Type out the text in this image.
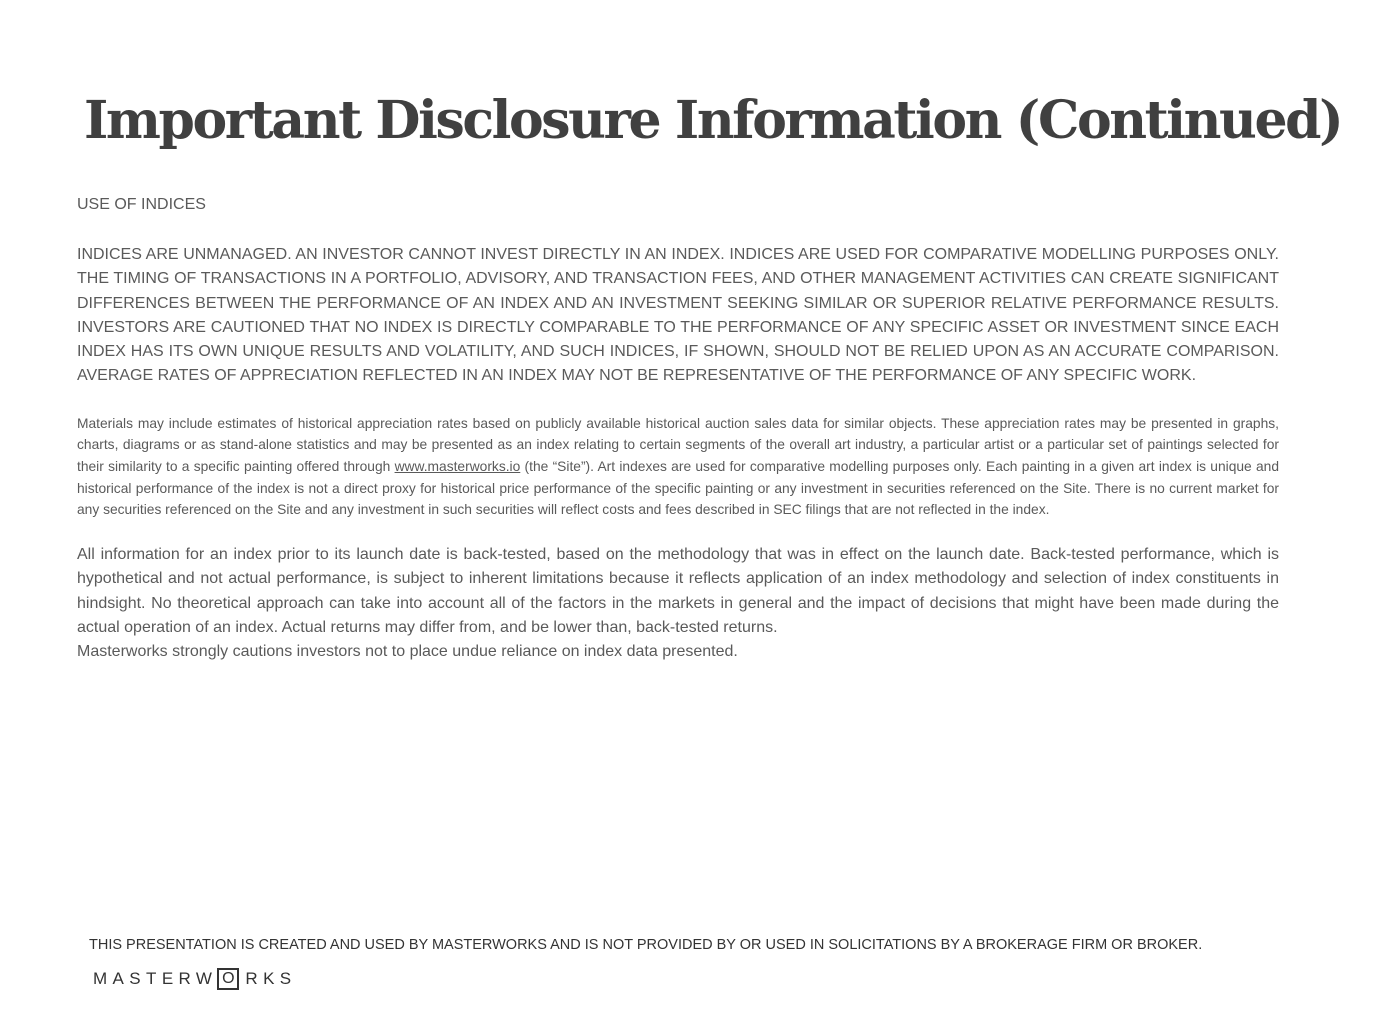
Important Disclosure Information (Continued)
USE OF INDICES

INDICES ARE UNMANAGED. AN INVESTOR CANNOT INVEST DIRECTLY IN AN INDEX. INDICES ARE USED FOR COMPARATIVE MODELLING PURPOSES ONLY. THE TIMING OF TRANSACTIONS IN A PORTFOLIO, ADVISORY, AND TRANSACTION FEES, AND OTHER MANAGEMENT ACTIVITIES CAN CREATE SIGNIFICANT DIFFERENCES BETWEEN THE PERFORMANCE OF AN INDEX AND AN INVESTMENT SEEKING SIMILAR OR SUPERIOR RELATIVE PERFORMANCE RESULTS. INVESTORS ARE CAUTIONED THAT NO INDEX IS DIRECTLY COMPARABLE TO THE PERFORMANCE OF ANY SPECIFIC ASSET OR INVESTMENT SINCE EACH INDEX HAS ITS OWN UNIQUE RESULTS AND VOLATILITY, AND SUCH INDICES, IF SHOWN, SHOULD NOT BE RELIED UPON AS AN ACCURATE COMPARISON. AVERAGE RATES OF APPRECIATION REFLECTED IN AN INDEX MAY NOT BE REPRESENTATIVE OF THE PERFORMANCE OF ANY SPECIFIC WORK.

Materials may include estimates of historical appreciation rates based on publicly available historical auction sales data for similar objects. These appreciation rates may be presented in graphs, charts, diagrams or as stand-alone statistics and may be presented as an index relating to certain segments of the overall art industry, a particular artist or a particular set of paintings selected for their similarity to a specific painting offered through www.masterworks.io (the “Site”). Art indexes are used for comparative modelling purposes only. Each painting in a given art index is unique and historical performance of the index is not a direct proxy for historical price performance of the specific painting or any investment in securities referenced on the Site. There is no current market for any securities referenced on the Site and any investment in such securities will reflect costs and fees described in SEC filings that are not reflected in the index.

All information for an index prior to its launch date is back-tested, based on the methodology that was in effect on the launch date. Back-tested performance, which is hypothetical and not actual performance, is subject to inherent limitations because it reflects application of an index methodology and selection of index constituents in hindsight. No theoretical approach can take into account all of the factors in the markets in general and the impact of decisions that might have been made during the actual operation of an index. Actual returns may differ from, and be lower than, back-tested returns.

Masterworks strongly cautions investors not to place undue reliance on index data presented.

THIS PRESENTATION IS CREATED AND USED BY MASTERWORKS AND IS NOT PROVIDED BY OR USED IN SOLICITATIONS BY A BROKERAGE FIRM OR BROKER.
MASTERW O RKS
